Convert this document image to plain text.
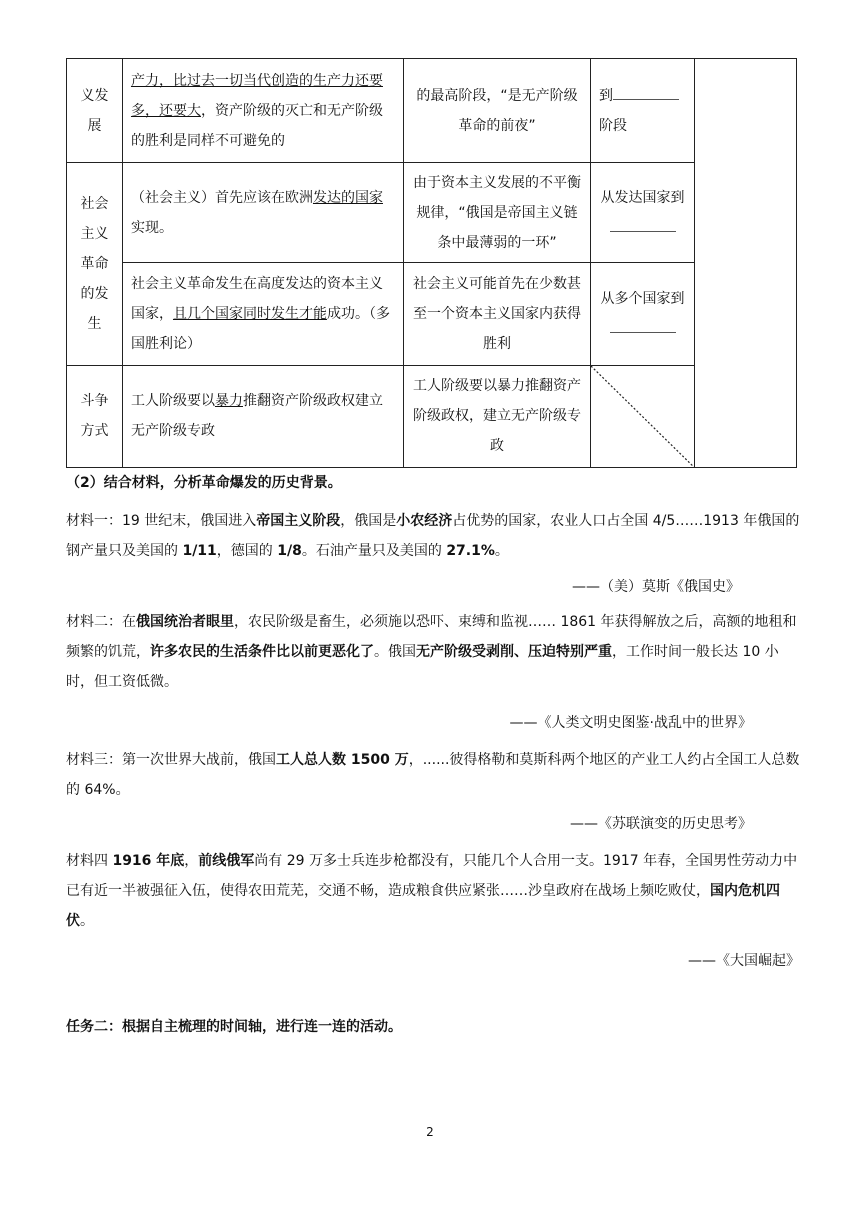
义发展	产力，比过去一切当代创造的生产力还要多，还要大，资产阶级的灭亡和无产阶级的胜利是同样不可避免的	的最高阶段，“是无产阶级革命的前夜”	到
阶段	
社会主义革命的发生	（社会主义）首先应该在欧洲发达的国家实现。	由于资本主义发展的不平衡规律，“俄国是帝国主义链条中最薄弱的一环”	从发达国家到	

	社会主义革命发生在高度发达的资本主义国家，且几个国家同时发生才能成功。（多国胜利论）	社会主义可能首先在少数甚至一个资本主义国家内获得胜利	从多个国家到	

斗争方式	工人阶级要以暴力推翻资产阶级政权建立无产阶级专政	工人阶级要以暴力推翻资产阶级政权，建立无产阶级专政	
（2）结合材料，分析革命爆发的历史背景。
材料一：19 世纪末，俄国进入帝国主义阶段，俄国是小农经济占优势的国家，农业人口占全国 4/5……1913 年俄国的钢产量只及美国的 1/11，德国的 1/8。石油产量只及美国的 27.1%。
——（美）莫斯《俄国史》
材料二：在俄国统治者眼里，农民阶级是畜生，必须施以恐吓、束缚和监视…… 1861 年获得解放之后，高额的地租和频繁的饥荒，许多农民的生活条件比以前更恶化了。俄国无产阶级受剥削、压迫特别严重，工作时间一般长达 10 小时，但工资低微。
——《人类文明史图鉴·战乱中的世界》
材料三：第一次世界大战前，俄国工人总人数 1500 万，......彼得格勒和莫斯科两个地区的产业工人约占全国工人总数的 64%。
——《苏联演变的历史思考》
材料四 1916 年底，前线俄军尚有 29 万多士兵连步枪都没有，只能几个人合用一支。1917 年春，全国男性劳动力中已有近一半被强征入伍，使得农田荒芜，交通不畅，造成粮食供应紧张……沙皇政府在战场上频吃败仗，国内危机四伏。
——《大国崛起》
任务二：根据自主梳理的时间轴，进行连一连的活动。
2
